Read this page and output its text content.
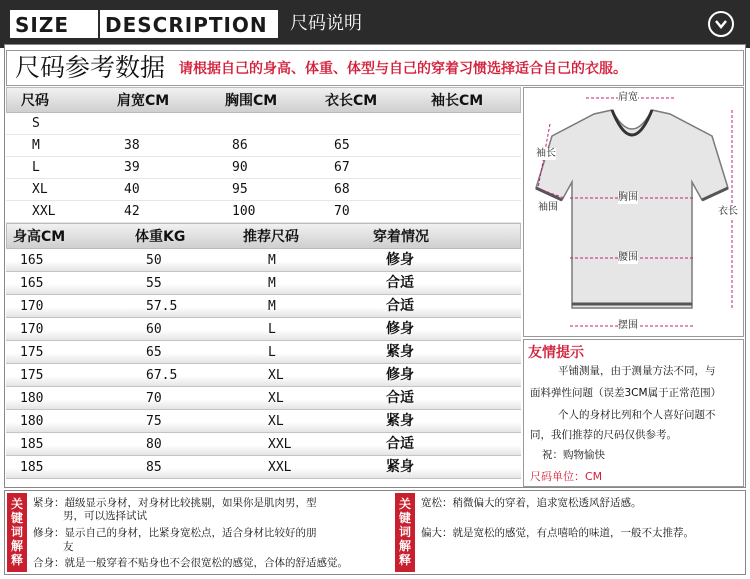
SIZE	DESCRIPTION	尺码说明
尺码参考数据 请根据自己的身高、体重、体型与自己的穿着习惯选择适合自己的衣服。
尺码	肩宽CM	胸围CM	衣长CM	袖长CM
S
M	38	86	65
L	39	90	67
XL	40	95	68
XXL	42	100	70
身高CM	体重KG	推荐尺码	穿着情况
165	50	M	修身
165	55	M	合适
170	57.5	M	合适
170	60	L	修身
175	65	L	紧身
175	67.5	XL	修身
180	70	XL	合适
180	75	XL	紧身
185	80	XXL	合适
185	85	XXL	紧身
肩宽
袖长
袖围
胸围
衣长
腰围
摆围
友情提示
平铺测量，由于测量方法不同，与
面料弹性问题（误差3CM属于正常范围）
个人的身材比列和个人喜好问题不
同，我们推荐的尺码仅供参考。
祝：购物愉快
尺码单位：CM
关
键
词
解
释
紧身：超级显示身材，对身材比较挑剔，如果你是肌肉男，型
男，可以选择试试
修身：显示自己的身材，比紧身宽松点，适合身材比较好的朋
友
合身：就是一般穿着不贴身也不会很宽松的感觉，合体的舒适感觉。
关
键
词
解
释
宽松：稍微偏大的穿着，追求宽松透风舒适感。
偏大：就是宽松的感觉，有点嘻哈的味道，一般不太推荐。
